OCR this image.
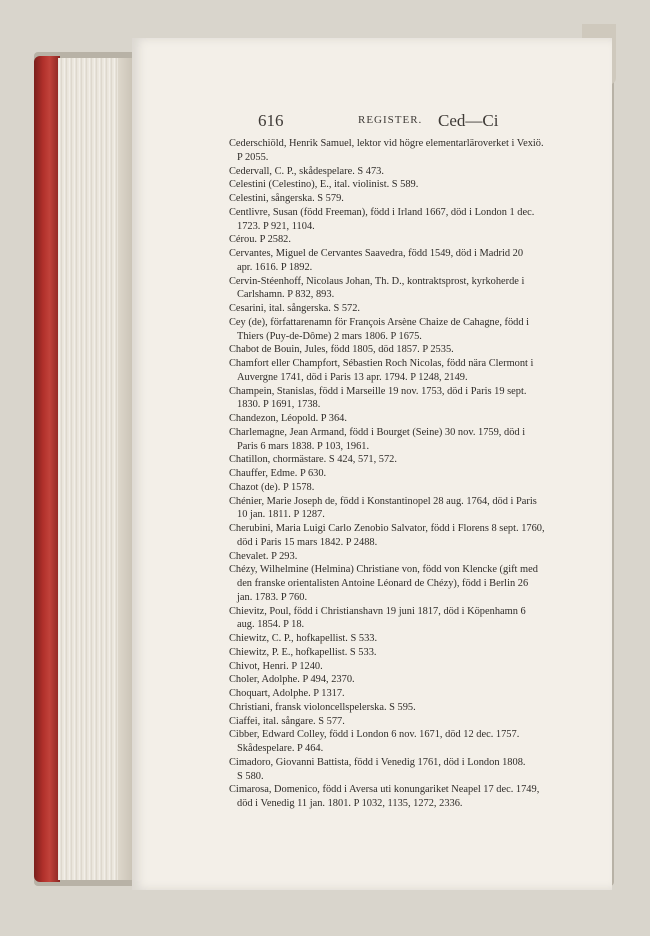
616	REGISTER. Ced—Ci
Cederschiöld, Henrik Samuel, lektor vid högre elementarläroverket i Vexiö.
P 2055.
Cedervall, C. P., skådespelare. S 473.
Celestini (Celestino), E., ital. violinist. S 589.
Celestini, sångerska. S 579.
Centlivre, Susan (född Freeman), född i Irland 1667, död i London 1 dec.
1723. P 921, 1104.
Cérou. P 2582.
Cervantes, Miguel de Cervantes Saavedra, född 1549, död i Madrid 20
apr. 1616. P 1892.
Cervin-Stéenhoff, Nicolaus Johan, Th. D., kontraktsprost, kyrkoherde i
Carlshamn. P 832, 893.
Cesarini, ital. sångerska. S 572.
Cey (de), författarenamn för François Arsène Chaize de Cahagne, född i
Thiers (Puy-de-Dôme) 2 mars 1806. P 1675.
Chabot de Bouin, Jules, född 1805, död 1857. P 2535.
Chamfort eller Champfort, Sébastien Roch Nicolas, född nära Clermont i
Auvergne 1741, död i Paris 13 apr. 1794. P 1248, 2149.
Champein, Stanislas, född i Marseille 19 nov. 1753, död i Paris 19 sept.
1830. P 1691, 1738.
Chandezon, Léopold. P 364.
Charlemagne, Jean Armand, född i Bourget (Seine) 30 nov. 1759, död i
Paris 6 mars 1838. P 103, 1961.
Chatillon, chormästare. S 424, 571, 572.
Chauffer, Edme. P 630.
Chazot (de). P 1578.
Chénier, Marie Joseph de, född i Konstantinopel 28 aug. 1764, död i Paris
10 jan. 1811. P 1287.
Cherubini, Maria Luigi Carlo Zenobio Salvator, född i Florens 8 sept. 1760,
död i Paris 15 mars 1842. P 2488.
Chevalet. P 293.
Chézy, Wilhelmine (Helmina) Christiane von, född von Klencke (gift med
den franske orientalisten Antoine Léonard de Chézy), född i Berlin 26
jan. 1783. P 760.
Chievitz, Poul, född i Christianshavn 19 juni 1817, död i Köpenhamn 6
aug. 1854. P 18.
Chiewitz, C. P., hofkapellist. S 533.
Chiewitz, P. E., hofkapellist. S 533.
Chivot, Henri. P 1240.
Choler, Adolphe. P 494, 2370.
Choquart, Adolphe. P 1317.
Christiani, fransk violoncellspelerska. S 595.
Ciaffei, ital. sångare. S 577.
Cibber, Edward Colley, född i London 6 nov. 1671, död 12 dec. 1757.
Skådespelare. P 464.
Cimadoro, Giovanni Battista, född i Venedig 1761, död i London 1808.
S 580.
Cimarosa, Domenico, född i Aversa uti konungariket Neapel 17 dec. 1749,
död i Venedig 11 jan. 1801. P 1032, 1135, 1272, 2336.
